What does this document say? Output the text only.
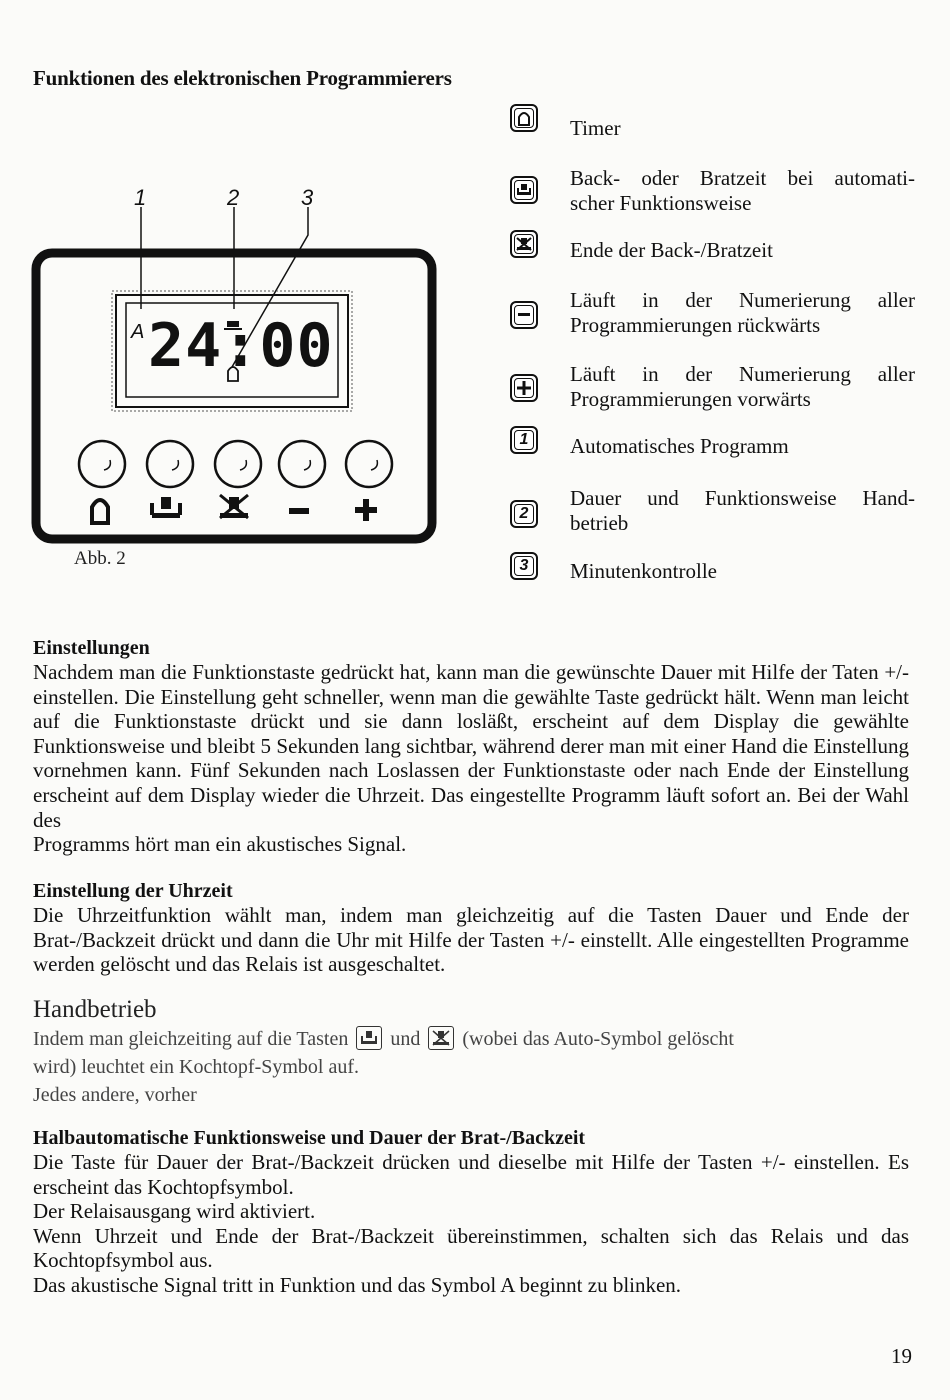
Funktionen des elektronischen Programmierers
1	2	3
A 24:00
Abb. 2
Timer
Back- oder Bratzeit bei automati-
scher Funktionsweise
Ende der Back-/Bratzeit
Läuft in der Numerierung aller
Programmierungen rückwärts
Läuft in der Numerierung aller
Programmierungen vorwärts
1	Automatisches Programm
2
Dauer und Funktionsweise Hand-
betrieb
3	Minutenkontrolle
Einstellungen

Nachdem man die Funktionstaste gedrückt hat, kann man die gewünschte Dauer mit Hilfe der Taten +/- einstellen. Die Einstellung geht schneller, wenn man die gewählte Taste gedrückt hält. Wenn man leicht auf die Funktionstaste drückt und sie dann losläßt, erscheint auf dem Display die gewählte Funktionsweise und bleibt 5 Sekunden lang sichtbar, während derer man mit einer Hand die Einstellung vornehmen kann. Fünf Sekunden nach Loslassen der Funktionstaste oder nach Ende der Einstellung erscheint auf dem Display wieder die Uhrzeit. Das eingestellte Programm läuft sofort an. Bei der Wahl des
Programms hört man ein akustisches Signal.

Einstellung der Uhrzeit

Die Uhrzeitfunktion wählt man, indem man gleichzeitig auf die Tasten Dauer und Ende der Brat-/Backzeit drückt und dann die Uhr mit Hilfe der Tasten +/- einstellt. Alle eingestellten Programme werden gelöscht und das Relais ist ausgeschaltet.

Handbetrieb

Indem man gleichzeiting auf die Tasten und (wobei das Auto-Symbol gelöscht

wird) leuchtet ein Kochtopf-Symbol auf.

Jedes andere, vorher

Halbautomatische Funktionsweise und Dauer der Brat-/Backzeit

Die Taste für Dauer der Brat-/Backzeit drücken und dieselbe mit Hilfe der Tasten +/- einstellen. Es erscheint das Kochtopfsymbol.

Der Relaisausgang wird aktiviert.

Wenn Uhrzeit und Ende der Brat-/Backzeit übereinstimmen, schalten sich das Relais und das Kochtopfsymbol aus.

Das akustische Signal tritt in Funktion und das Symbol A beginnt zu blinken.

19
